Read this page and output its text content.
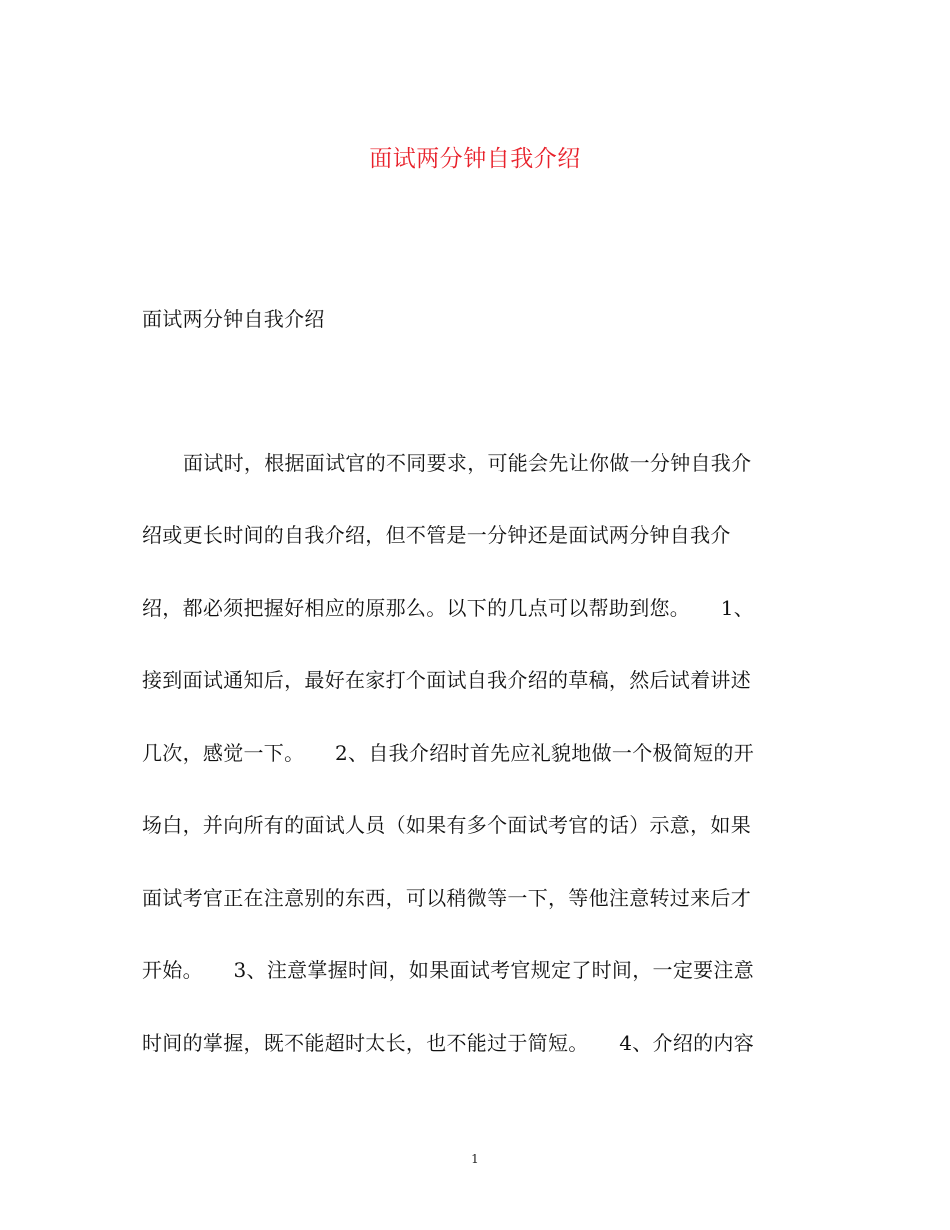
面试两分钟自我介绍
面试两分钟自我介绍
面试时，根据面试官的不同要求，可能会先让你做一分钟自我介
绍或更长时间的自我介绍，但不管是一分钟还是面试两分钟自我介
绍，都必须把握好相应的原那么。以下的几点可以帮助到您。　　1、
接到面试通知后，最好在家打个面试自我介绍的草稿，然后试着讲述
几次，感觉一下。　　2、自我介绍时首先应礼貌地做一个极简短的开
场白，并向所有的面试人员（如果有多个面试考官的话）示意，如果
面试考官正在注意别的东西，可以稍微等一下，等他注意转过来后才
开始。　　3、注意掌握时间，如果面试考官规定了时间，一定要注意
时间的掌握，既不能超时太长，也不能过于简短。　　4、介绍的内容
1
